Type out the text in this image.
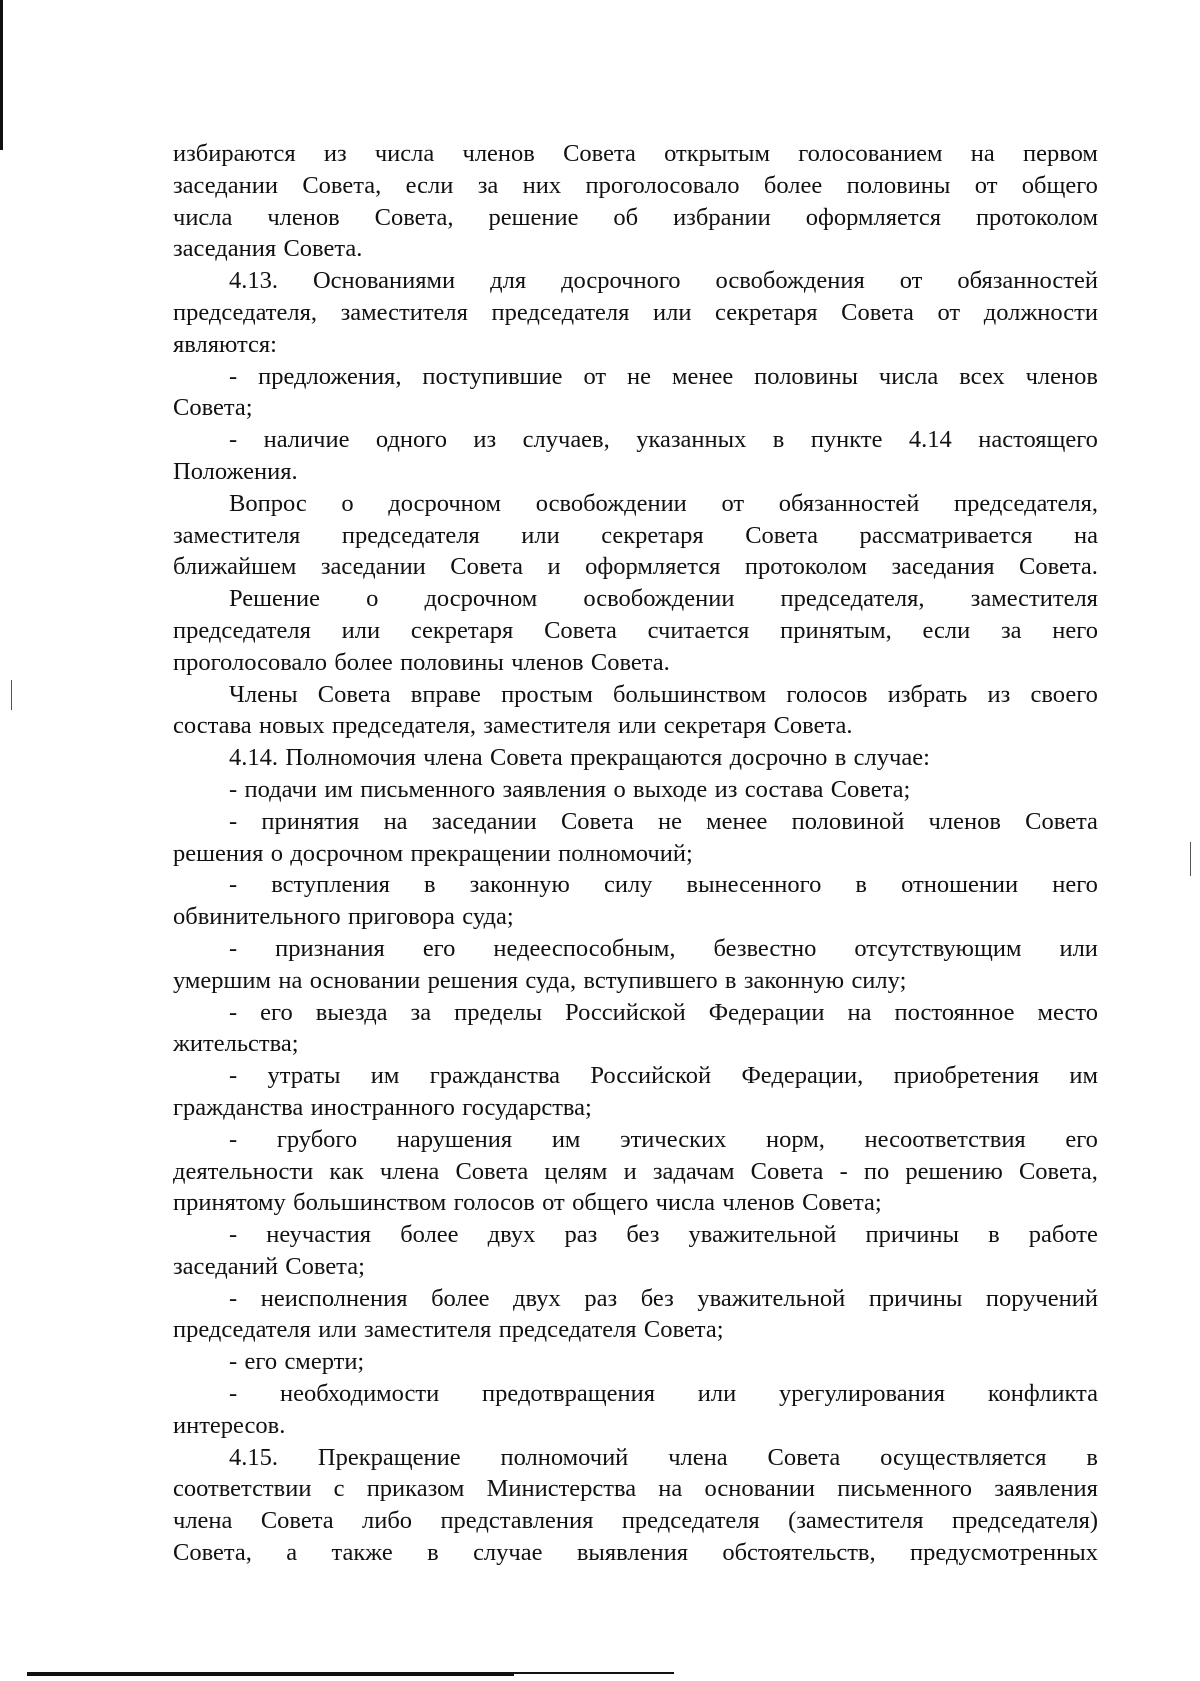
избираются из числа членов Совета открытым голосованием на первом
заседании Совета, если за них проголосовало более половины от общего
числа членов Совета, решение об избрании оформляется протоколом
заседания Совета.
4.13. Основаниями для досрочного освобождения от обязанностей
председателя, заместителя председателя или секретаря Совета от должности
являются:
- предложения, поступившие от не менее половины числа всех членов
Совета;
- наличие одного из случаев, указанных в пункте 4.14 настоящего
Положения.
Вопрос о досрочном освобождении от обязанностей председателя,
заместителя председателя или секретаря Совета рассматривается на
ближайшем заседании Совета и оформляется протоколом заседания Совета.
Решение о досрочном освобождении председателя, заместителя
председателя или секретаря Совета считается принятым, если за него
проголосовало более половины членов Совета.
Члены Совета вправе простым большинством голосов избрать из своего
состава новых председателя, заместителя или секретаря Совета.
4.14. Полномочия члена Совета прекращаются досрочно в случае:
- подачи им письменного заявления о выходе из состава Совета;
- принятия на заседании Совета не менее половиной членов Совета
решения о досрочном прекращении полномочий;
- вступления в законную силу вынесенного в отношении него
обвинительного приговора суда;
- признания его недееспособным, безвестно отсутствующим или
умершим на основании решения суда, вступившего в законную силу;
- его выезда за пределы Российской Федерации на постоянное место
жительства;
- утраты им гражданства Российской Федерации, приобретения им
гражданства иностранного государства;
- грубого нарушения им этических норм, несоответствия его
деятельности как члена Совета целям и задачам Совета - по решению Совета,
принятому большинством голосов от общего числа членов Совета;
- неучастия более двух раз без уважительной причины в работе
заседаний Совета;
- неисполнения более двух раз без уважительной причины поручений
председателя или заместителя председателя Совета;
- его смерти;
- необходимости предотвращения или урегулирования конфликта
интересов.
4.15. Прекращение полномочий члена Совета осуществляется в
соответствии с приказом Министерства на основании письменного заявления
члена Совета либо представления председателя (заместителя председателя)
Совета, а также в случае выявления обстоятельств, предусмотренных
